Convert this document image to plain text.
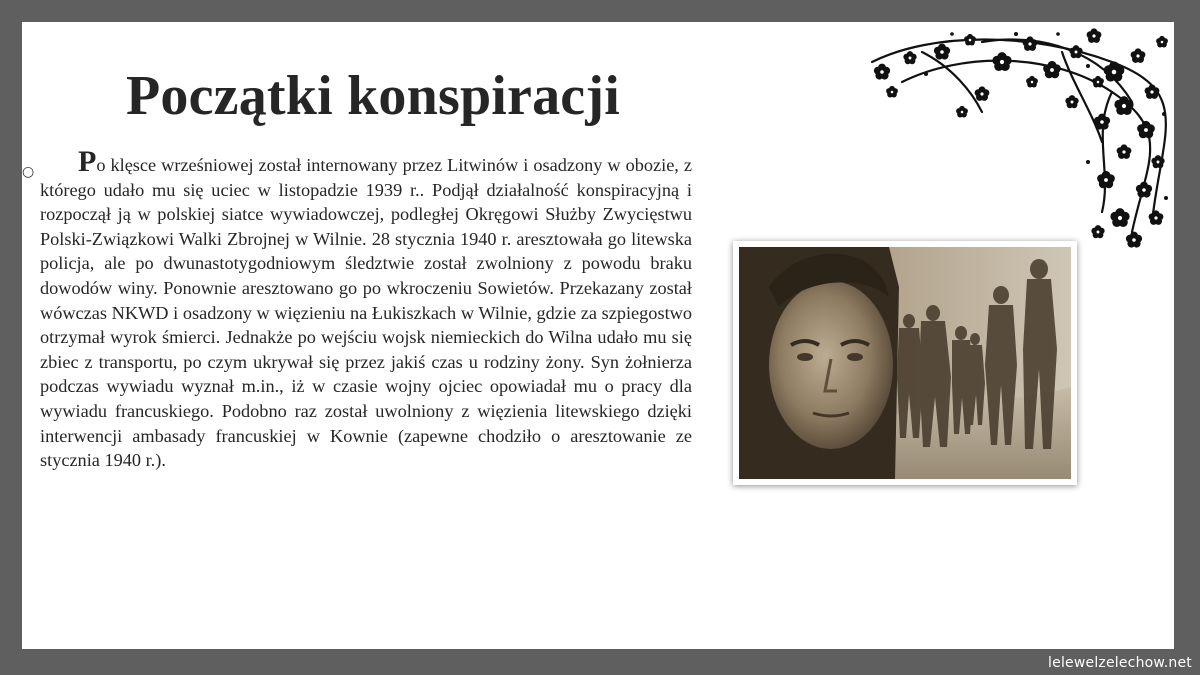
Początki konspiracji
○	Po klęsce wrześniowej został internowany przez Litwinów i osadzony w obozie, z którego udało mu się uciec w listopadzie 1939 r.. Podjął działalność konspiracyjną i rozpoczął ją w polskiej siatce wywiadowczej, podległej Okręgowi Służby Zwycięstwu Polski-Związkowi Walki Zbrojnej w Wilnie. 28 stycznia 1940 r. aresztowała go litewska policja, ale po dwunastotygodniowym śledztwie został zwolniony z powodu braku dowodów winy. Ponownie aresztowano go po wkroczeniu Sowietów. Przekazany został wówczas NKWD i osadzony w więzieniu na Łukiszkach w Wilnie, gdzie za szpiegostwo otrzymał wyrok śmierci. Jednakże po wejściu wojsk niemieckich do Wilna udało mu się zbiec z transportu, po czym ukrywał się przez jakiś czas u rodziny żony. Syn żołnierza podczas wywiadu wyznał m.in., iż w czasie wojny ojciec opowiadał mu o pracy dla wywiadu francuskiego. Podobno raz został uwolniony z więzienia litewskiego dzięki interwencji ambasady francuskiej w Kownie (zapewne chodziło o aresztowanie ze stycznia 1940 r.).

lelewelzelechow.net
